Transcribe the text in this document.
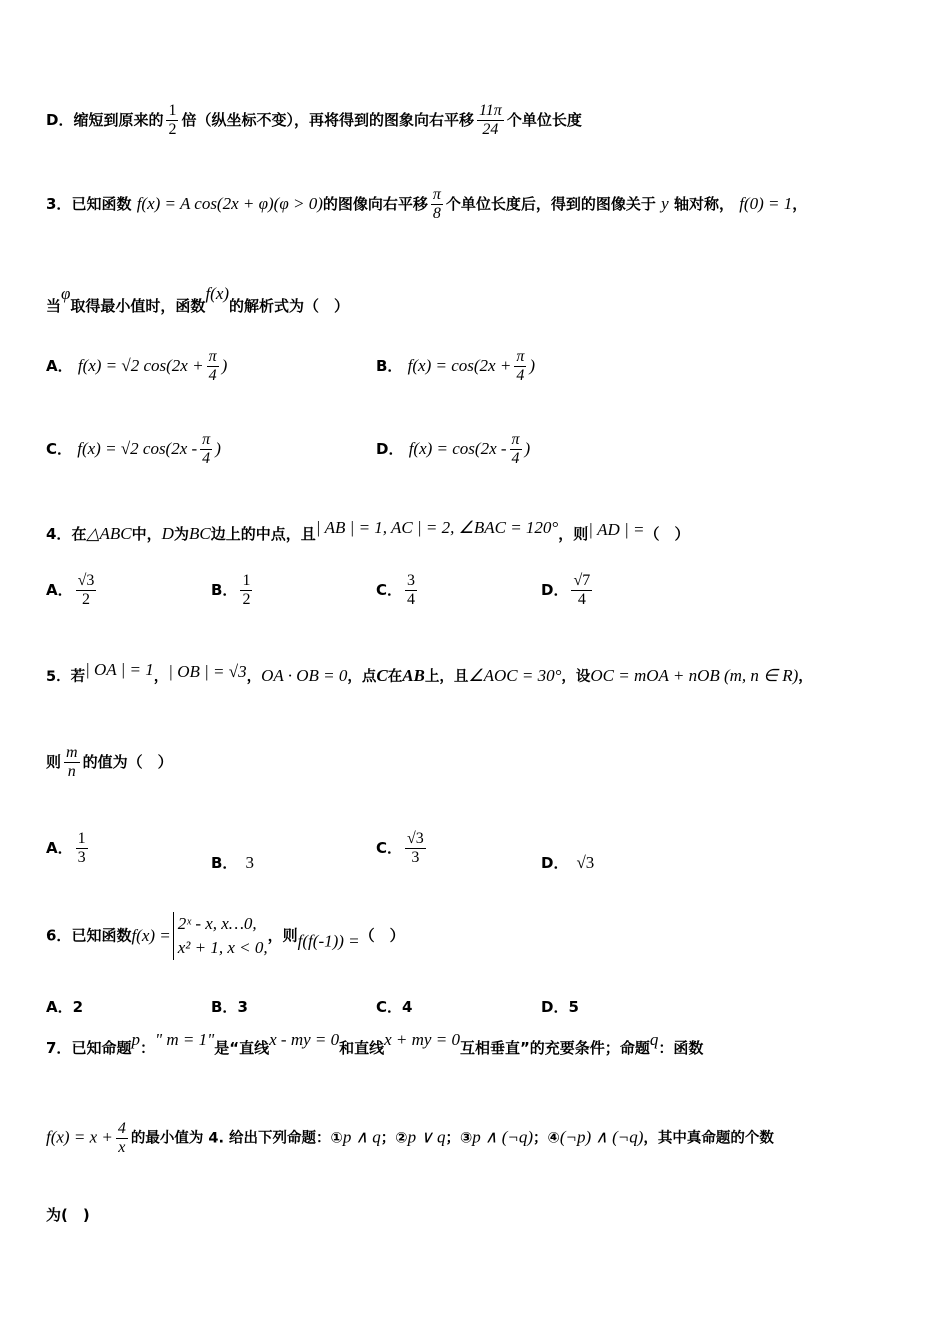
D．缩短到原来的 $\frac{1}{2}$ 倍（纵坐标不变），再将得到的图象向右平移 $\frac{11\pi}{24}$ 个单位长度
3．已知函数 f(x) = A cos(2x + φ)(φ > 0)的图像向右平移 $\frac{\pi}{8}$ 个单位长度后，得到的图像关于 y 轴对称， f(0) = 1，
当φ取得最小值时，函数f(x)的解析式为（　）
A． f(x) = √2 $\cos(2x + \frac{\pi}{4}$ )	B． $f(x) = \cos(2x + \frac{\pi}{4}$ )
C． f(x) = √2 $\cos(2x - \frac{\pi}{4}$ )	D． $f(x) = \cos(2x - \frac{\pi}{4}$ )
4．在△ABC中，D为BC边上的中点，且| AB | = 1, AC | = 2, ∠BAC = 120°，则| AD | =（　）
A． $\frac{√3}{2}$	B． $\frac{1}{2}$	C． $\frac{3}{4}$	D． $\frac{√7}{4}$
5．若| OA | = 1，| OB | = √3，OA · OB = 0，点C在AB上，且∠AOC = 30°，设OC = mOA + nOB (m, n ∈ R)，
则 $\frac{m}{n}$ 的值为（　）
A． $\frac{1}{3}$	B． 3
C． $\frac{√3}{3}$	D． √3
6．已知函数f(x) =
2ˣ - x, x…0,
x² + 1, x < 0,
，则f(f(-1)) =（　）
A．2	B．3	C．4	D．5
7．已知命题p：" m = 1"是“直线x - my = 0和直线x + my = 0互相垂直”的充要条件；命题q：函数
$f(x) = x + \frac{4}{x}$ 的最小值为 4. 给出下列命题：①p ∧ q；②p ∨ q；③p ∧ (¬q)；④(¬p) ∧ (¬q)，其中真命题的个数
为(　)
